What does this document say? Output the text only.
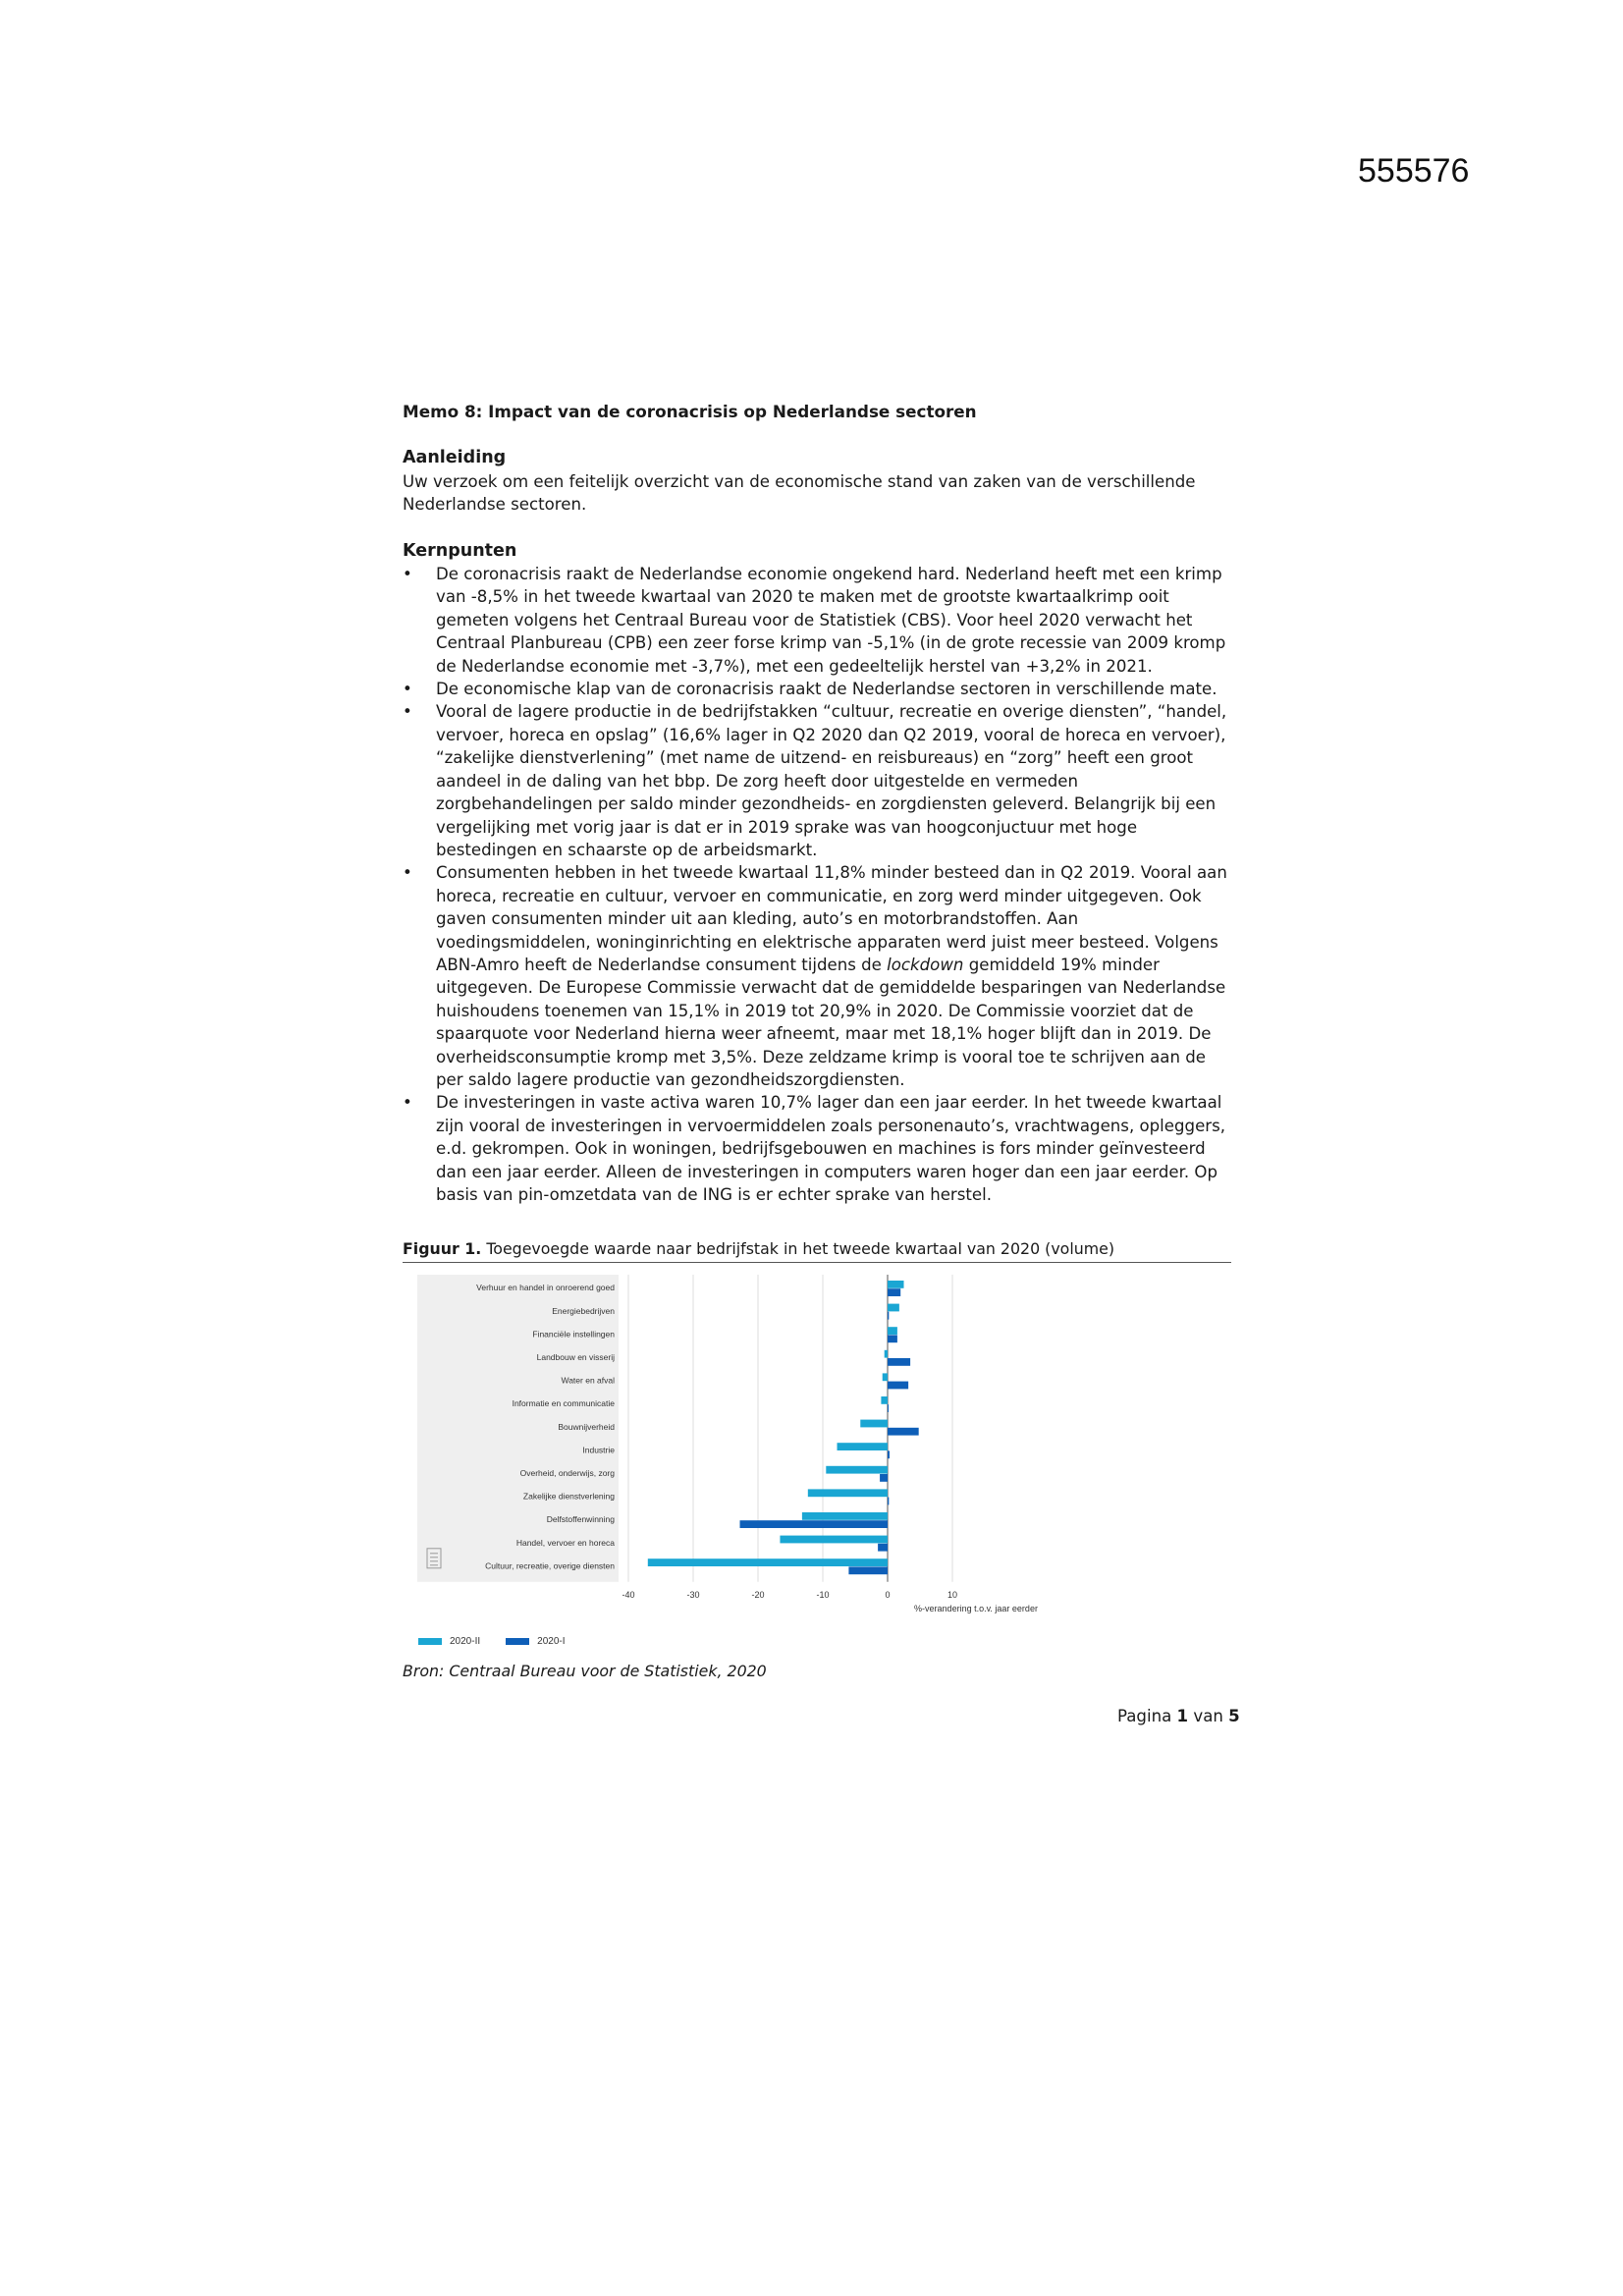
555576

Memo 8: Impact van de coronacrisis op Nederlandse sectoren

Aanleiding

Uw verzoek om een feitelijk overzicht van de economische stand van zaken van de verschillende Nederlandse sectoren.

Kernpunten

• De coronacrisis raakt de Nederlandse economie ongekend hard. Nederland heeft met een krimp van -8,5% in het tweede kwartaal van 2020 te maken met de grootste kwartaalkrimp ooit gemeten volgens het Centraal Bureau voor de Statistiek (CBS). Voor heel 2020 verwacht het Centraal Planbureau (CPB) een zeer forse krimp van -5,1% (in de grote recessie van 2009 kromp de Nederlandse economie met -3,7%), met een gedeeltelijk herstel van +3,2% in 2021.
• De economische klap van de coronacrisis raakt de Nederlandse sectoren in verschillende mate.
• Vooral de lagere productie in de bedrijfstakken “cultuur, recreatie en overige diensten”, “handel, vervoer, horeca en opslag” (16,6% lager in Q2 2020 dan Q2 2019, vooral de horeca en vervoer), “zakelijke dienstverlening” (met name de uitzend- en reisbureaus) en “zorg” heeft een groot aandeel in de daling van het bbp. De zorg heeft door uitgestelde en vermeden zorgbehandelingen per saldo minder gezondheids- en zorgdiensten geleverd. Belangrijk bij een vergelijking met vorig jaar is dat er in 2019 sprake was van hoogconjuctuur met hoge bestedingen en schaarste op de arbeidsmarkt.
• Consumenten hebben in het tweede kwartaal 11,8% minder besteed dan in Q2 2019. Vooral aan horeca, recreatie en cultuur, vervoer en communicatie, en zorg werd minder uitgegeven. Ook gaven consumenten minder uit aan kleding, auto’s en motorbrandstoffen. Aan voedingsmiddelen, woninginrichting en elektrische apparaten werd juist meer besteed. Volgens ABN-Amro heeft de Nederlandse consument tijdens de lockdown gemiddeld 19% minder uitgegeven. De Europese Commissie verwacht dat de gemiddelde besparingen van Nederlandse huishoudens toenemen van 15,1% in 2019 tot 20,9% in 2020. De Commissie voorziet dat de spaarquote voor Nederland hierna weer afneemt, maar met 18,1% hoger blijft dan in 2019. De overheidsconsumptie kromp met 3,5%. Deze zeldzame krimp is vooral toe te schrijven aan de per saldo lagere productie van gezondheidszorgdiensten.
• De investeringen in vaste activa waren 10,7% lager dan een jaar eerder. In het tweede kwartaal zijn vooral de investeringen in vervoermiddelen zoals personenauto’s, vrachtwagens, opleggers, e.d. gekrompen. Ook in woningen, bedrijfsgebouwen en machines is fors minder geïnvesteerd dan een jaar eerder. Alleen de investeringen in computers waren hoger dan een jaar eerder. Op basis van pin-omzetdata van de ING is er echter sprake van herstel.

Figuur 1. Toegevoegde waarde naar bedrijfstak in het tweede kwartaal van 2020 (volume)

Verhuur en handel in onroerend goed
Energiebedrijven
Financiële instellingen
Landbouw en visserij
Water en afval
Informatie en communicatie
Bouwnijverheid
Industrie
Overheid, onderwijs, zorg
Zakelijke dienstverlening
Delfstoffenwinning
Handel, vervoer en horeca
Cultuur, recreatie, overige diensten
-40	-30	-20	-10	0	10
%-verandering t.o.v. jaar eerder
2020-II	2020-I
Bron: Centraal Bureau voor de Statistiek, 2020
Pagina 1 van 5
